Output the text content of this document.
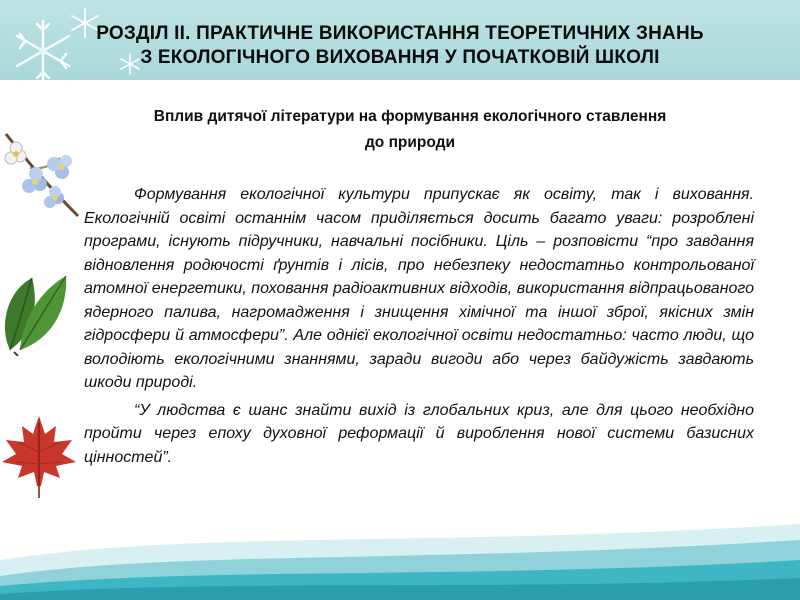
РОЗДІЛ ІІ. ПРАКТИЧНЕ ВИКОРИСТАННЯ ТЕОРЕТИЧНИХ ЗНАНЬ
З ЕКОЛОГІЧНОГО ВИХОВАННЯ У ПОЧАТКОВІЙ ШКОЛІ
Вплив дитячої літератури на формування екологічного ставлення
до природи

Формування екологічної культури припускає як освіту, так і виховання. Екологічній освіті останнім часом приділяється досить багато уваги: розроблені програми, існують підручники, навчальні посібники. Ціль – розповісти “про завдання відновлення родючості ґрунтів і лісів, про небезпеку недостатньо контрольованої атомної енергетики, поховання радіоактивних відходів, використання відпрацьованого ядерного палива, нагромадження і знищення хімічної та іншої зброї, якісних змін гідросфери й атмосфери”. Але однієї екологічної освіти недостатньо: часто люди, що володіють екологічними знаннями, заради вигоди або через байдужість завдають шкоди природі.

“У людства є шанс знайти вихід із глобальних криз, але для цього необхідно пройти через епоху духовної реформації й вироблення нової системи базисних цінностей”.
